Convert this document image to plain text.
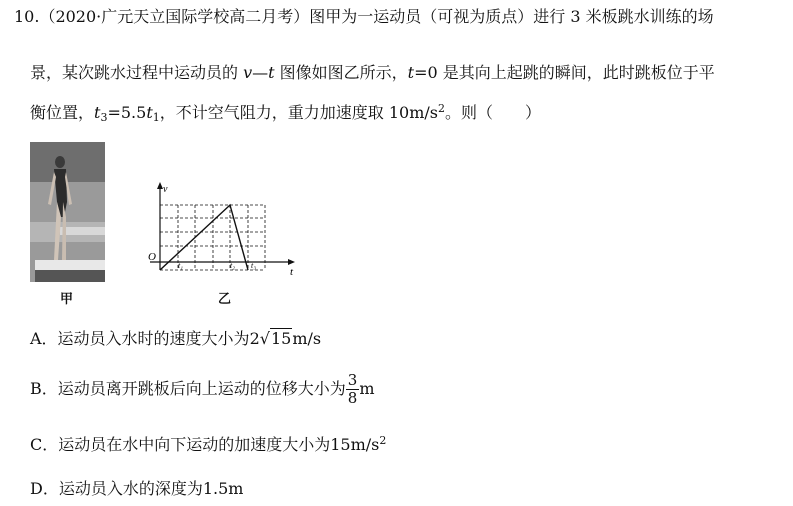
10.（2020·广元天立国际学校高二月考）图甲为一运动员（可视为质点）进行 3 米板跳水训练的场
景，某次跳水过程中运动员的 v—t 图像如图乙所示，t=0 是其向上起跳的瞬间，此时跳板位于平
衡位置，$t_3=5.5t_1$，不计空气阻力，重力加速度取 $10m/s^2$。则（　　）
甲
v
t
O
t₁	t₂ t₃
乙
A．运动员入水时的速度大小为2√15m/s
B．运动员离开跳板后向上运动的位移大小为 $\frac{3}{8}$ m
C．运动员在水中向下运动的加速度大小为$15m/s^2$
D．运动员入水的深度为1.5m
